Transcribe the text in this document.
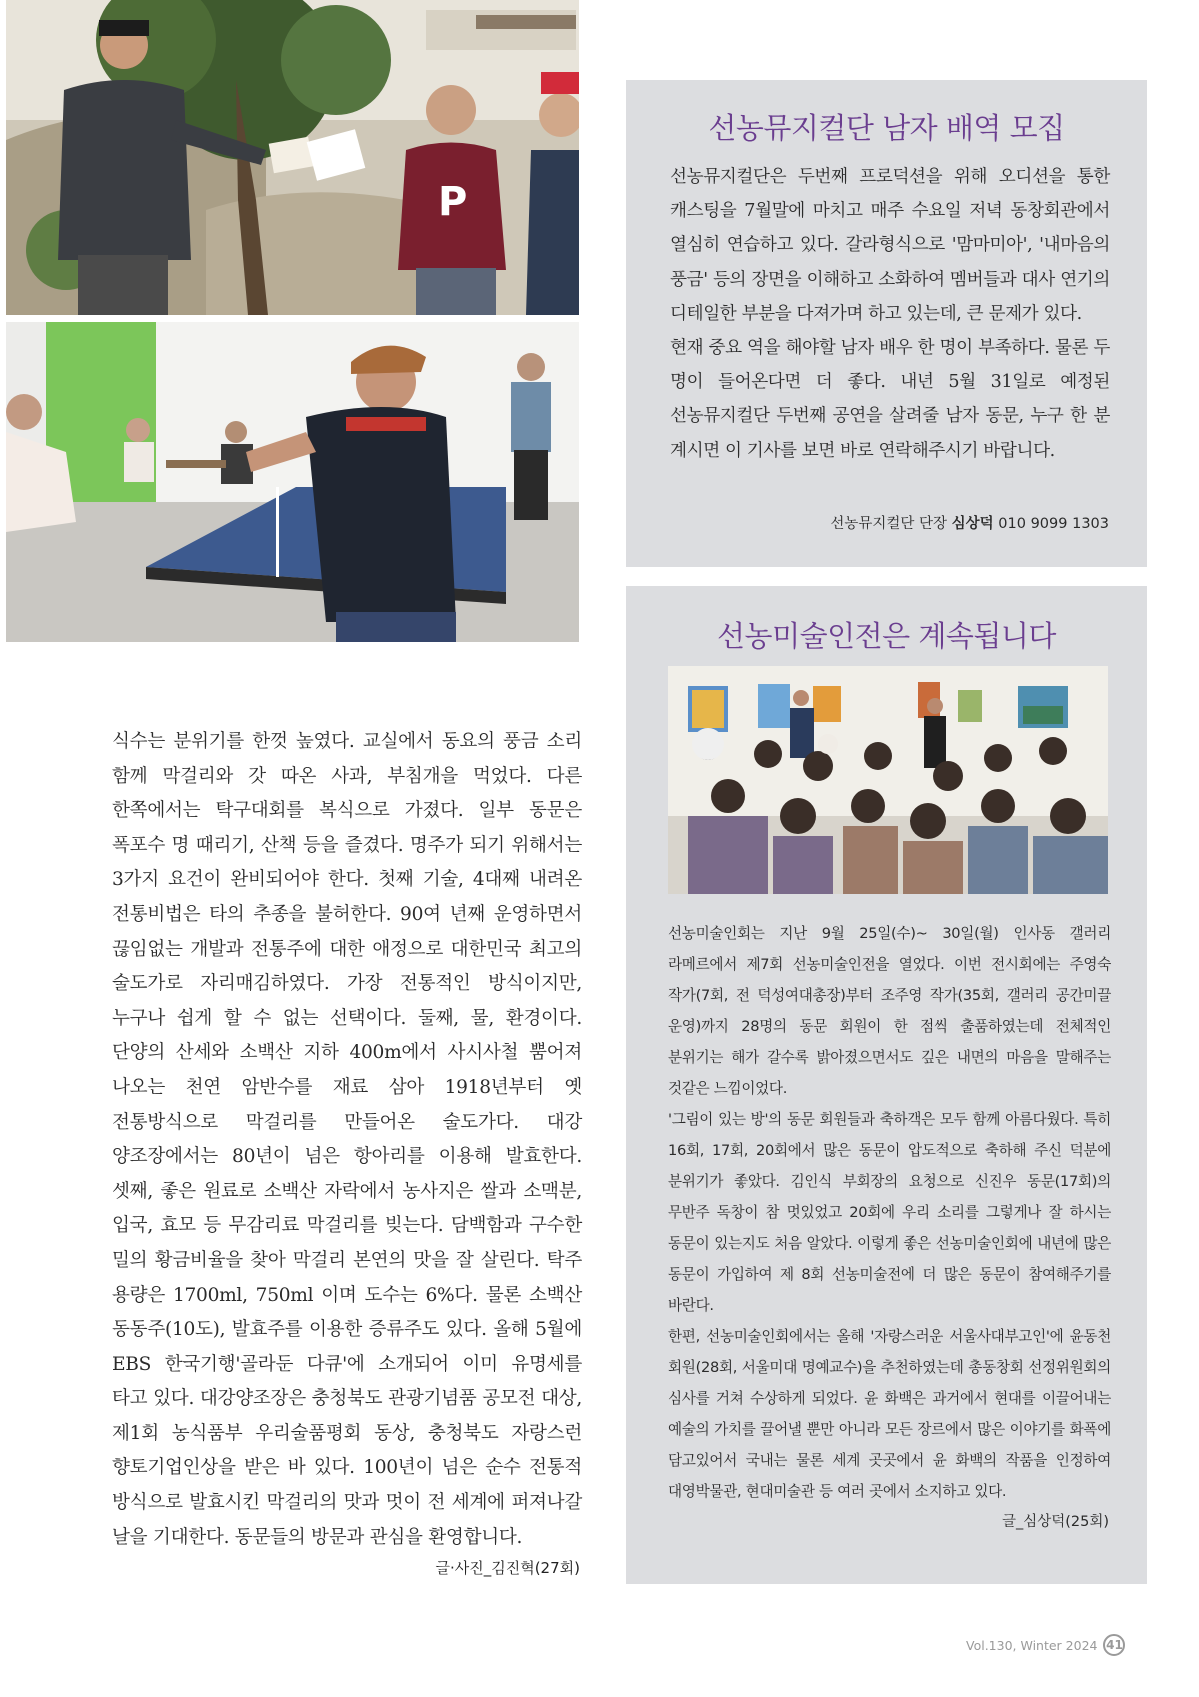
P
식수는 분위기를 한껏 높였다. 교실에서 동요의 풍금 소리 함께 막걸리와 갓 따온 사과, 부침개을 먹었다. 다른 한쪽에서는 탁구대회를 복식으로 가졌다. 일부 동문은 폭포수 명 때리기, 산책 등을 즐겼다. 명주가 되기 위해서는 3가지 요건이 완비되어야 한다. 첫째 기술, 4대째 내려온 전통비법은 타의 추종을 불허한다. 90여 년째 운영하면서 끊임없는 개발과 전통주에 대한 애정으로 대한민국 최고의 술도가로 자리매김하였다. 가장 전통적인 방식이지만, 누구나 쉽게 할 수 없는 선택이다. 둘째, 물, 환경이다. 단양의 산세와 소백산 지하 400m에서 사시사철 뿜어져 나오는 천연 암반수를 재료 삼아 1918년부터 옛 전통방식으로 막걸리를 만들어온 술도가다. 대강 양조장에서는 80년이 넘은 항아리를 이용해 발효한다. 셋째, 좋은 원료로 소백산 자락에서 농사지은 쌀과 소맥분, 입국, 효모 등 무감리료 막걸리를 빚는다. 담백함과 구수한 밀의 황금비율을 찾아 막걸리 본연의 맛을 잘 살린다. 탁주 용량은 1700ml, 750ml 이며 도수는 6%다. 물론 소백산 동동주(10도), 발효주를 이용한 증류주도 있다. 올해 5월에 EBS 한국기행'골라둔 다큐'에 소개되어 이미 유명세를 타고 있다. 대강양조장은 충청북도 관광기념품 공모전 대상, 제1회 농식품부 우리술품평회 동상, 충청북도 자랑스런 향토기업인상을 받은 바 있다. 100년이 넘은 순수 전통적 방식으로 발효시킨 막걸리의 맛과 멋이 전 세계에 퍼져나갈 날을 기대한다. 동문들의 방문과 관심을 환영합니다.
글·사진_김진혁(27회)
선농뮤지컬단 남자 배역 모집
선농뮤지컬단은 두번째 프로덕션을 위해 오디션을 통한 캐스팅을 7월말에 마치고 매주 수요일 저녁 동창회관에서 열심히 연습하고 있다. 갈라형식으로 '맘마미아', '내마음의 풍금' 등의 장면을 이해하고 소화하여 멤버들과 대사 연기의 디테일한 부분을 다져가며 하고 있는데, 큰 문제가 있다.
현재 중요 역을 해야할 남자 배우 한 명이 부족하다. 물론 두 명이 들어온다면 더 좋다. 내년 5월 31일로 예정된 선농뮤지컬단 두번째 공연을 살려줄 남자 동문, 누구 한 분 계시면 이 기사를 보면 바로 연락해주시기 바랍니다.
선농뮤지컬단 단장 심상덕 010 9099 1303
선농미술인전은 계속됩니다
선농미술인회는 지난 9월 25일(수)~ 30일(월) 인사동 갤러리 라메르에서 제7회 선농미술인전을 열었다. 이번 전시회에는 주영숙 작가(7회, 전 덕성여대총장)부터 조주영 작가(35회, 갤러리 공간미끌 운영)까지 28명의 동문 회원이 한 점씩 출품하였는데 전체적인 분위기는 해가 갈수록 밝아졌으면서도 깊은 내면의 마음을 말해주는 것같은 느낌이었다.
'그림이 있는 방'의 동문 회원들과 축하객은 모두 함께 아름다웠다. 특히 16회, 17회, 20회에서 많은 동문이 압도적으로 축하해 주신 덕분에 분위기가 좋았다. 김인식 부회장의 요청으로 신진우 동문(17회)의 무반주 독창이 참 멋있었고 20회에 우리 소리를 그렇게나 잘 하시는 동문이 있는지도 처음 알았다. 이렇게 좋은 선농미술인회에 내년에 많은 동문이 가입하여 제 8회 선농미술전에 더 많은 동문이 참여해주기를 바란다.
한편, 선농미술인회에서는 올해 '자랑스러운 서울사대부고인'에 윤동천 회원(28회, 서울미대 명예교수)을 추천하였는데 총동창회 선정위원회의 심사를 거쳐 수상하게 되었다. 윤 화백은 과거에서 현대를 이끌어내는 예술의 가치를 끌어낼 뿐만 아니라 모든 장르에서 많은 이야기를 화폭에 담고있어서 국내는 물론 세계 곳곳에서 윤 화백의 작품을 인정하여 대영박물관, 현대미술관 등 여러 곳에서 소지하고 있다.
글_심상덕(25회)
Vol.130, Winter 2024 41
